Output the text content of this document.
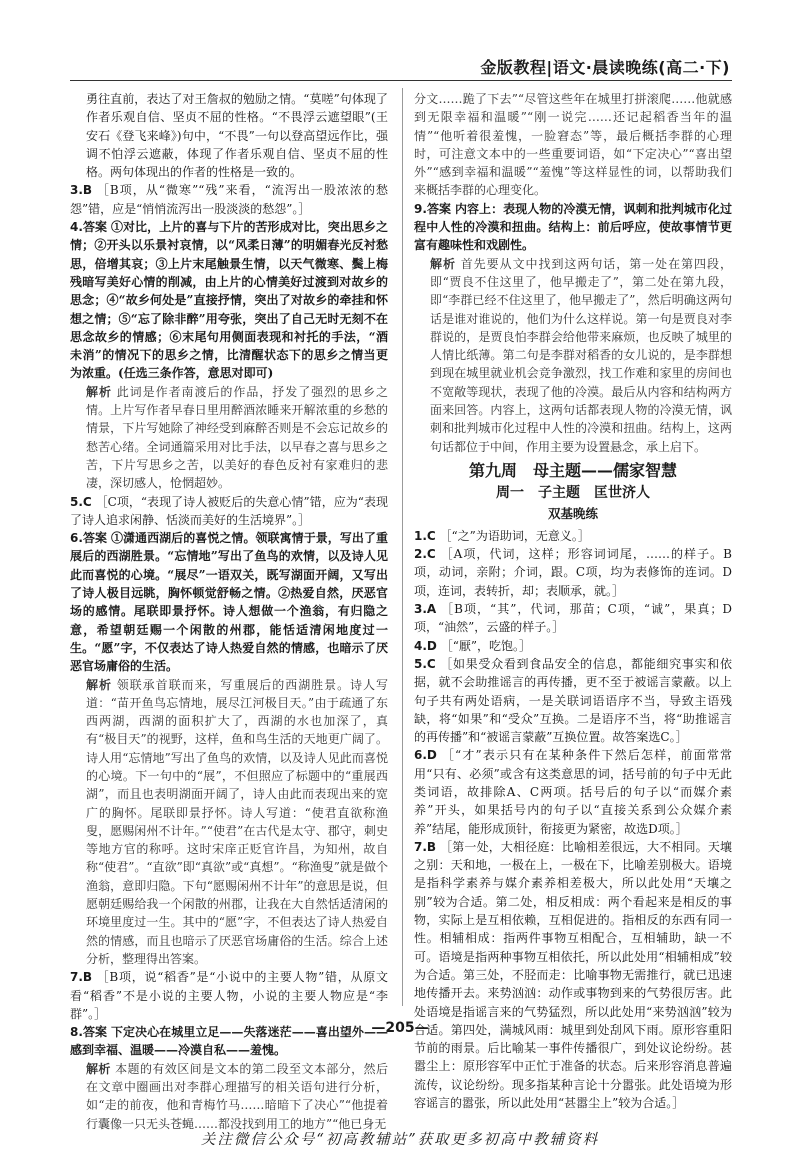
金版教程|语文·晨读晚练(高二·下)

勇往直前，表达了对王詹叔的勉励之情。“莫嗟”句体现了作者乐观自信、坚贞不屈的性格。“不畏浮云遮望眼”(王安石《登飞来峰》)句中，“不畏”一句以登高望远作比，强调不怕浮云遮蔽，体现了作者乐观自信、坚贞不屈的性格。两句体现出的作者的性格是一致的。

3.B ［B项，从“微寒”“残”来看，“流泻出一股浓浓的愁怨”错，应是“悄悄流泻出一股淡淡的愁怨”。］

4.答案 ①对比，上片的喜与下片的苦形成对比，突出思乡之情；②开头以乐景衬哀情，以“风柔日薄”的明媚春光反衬愁思，倍增其哀；③上片末尾触景生情，以天气微寒、鬓上梅残暗写美好心情的削减，由上片的心情美好过渡到对故乡的思念；④“故乡何处是”直接抒情，突出了对故乡的牵挂和怀想之情；⑤“忘了除非醉”用夸张，突出了自己无时无刻不在思念故乡的情感；⑥末尾句用侧面表现和衬托的手法，“酒未消”的情况下的思乡之情，比清醒状态下的思乡之情当更为浓重。(任选三条作答，意思对即可)

解析 此词是作者南渡后的作品，抒发了强烈的思乡之情。上片写作者早春日里用醉酒浓睡来开解浓重的乡愁的情景，下片写她除了神经受到麻醉否则是不会忘记故乡的愁苦心绪。全词通篇采用对比手法，以早春之喜与思乡之苦，下片写思乡之苦，以美好的春色反衬有家难归的悲凄，深切感人，怆惘超妙。

5.C ［C项，“表现了诗人被贬后的失意心情”错，应为“表现了诗人追求闲静、恬淡而美好的生活境界”。］

6.答案 ①潇通西湖后的喜悦之情。领联寓情于景，写出了重展后的西湖胜景。“忘情地”写出了鱼鸟的欢情，以及诗人见此而喜悦的心境。“展尽”一语双关，既写湖面开阔，又写出了诗人极目远眺，胸怀顿觉舒畅之情。②热爱自然，厌恶官场的感情。尾联即景抒怀。诗人想做一个渔翁，有归隐之意，希望朝廷赐一个闲散的州郡，能恬适清闲地度过一生。“愿”字，不仅表达了诗人热爱自然的情感，也暗示了厌恶官场庸俗的生活。

解析 领联承首联而来，写重展后的西湖胜景。诗人写道：“苗开鱼鸟忘情地，展尽江河极目天。”由于疏通了东西两湖，西湖的面积扩大了，西湖的水也加深了，真有“极目天”的视野，这样，鱼和鸟生活的天地更广阔了。诗人用“忘情地”写出了鱼鸟的欢情，以及诗人见此而喜悦的心境。下一句中的“展”，不但照应了标题中的“重展西湖”，而且也表明湖面开阔了，诗人由此而表现出来的宽广的胸怀。尾联即景抒怀。诗人写道：“使君直欲称渔叟，愿赐闲州不计年。”“使君”在古代是太守、郡守，刺史等地方官的称呼。这时宋庠正贬官许昌，为知州，故自称“使君”。“直欲”即“真欲”或“真想”。“称渔叟”就是做个渔翁，意即归隐。下句“愿赐闲州不计年”的意思是说，但愿朝廷赐给我一个闲散的州郡，让我在大自然恬适清闲的环境里度过一生。其中的“愿”字，不但表达了诗人热爱自然的情感，而且也暗示了厌恶官场庸俗的生活。综合上述分析，整理得出答案。

7.B ［B项，说“稻香”是“小说中的主要人物”错，从原文看“稻香”不是小说的主要人物，小说的主要人物应是“李群”。］

8.答案 下定决心在城里立足——失落迷茫——喜出望外——感到幸福、温暖——冷漠自私——羞愧。

解析 本题的有效区间是文本的第二段至文本部分，然后在文章中圈画出对李群心理描写的相关语句进行分析，如“走的前夜，他和青梅竹马……暗暗下了决心”“他提着行囊像一只无头苍蝇……都没找到用工的地方”“他已身无

分文……跪了下去”“尽管这些年在城里打拼滚爬……他就感到无限幸福和温暖”“刚一说完……还记起稻香当年的温情”“他听着很羞愧，一脸窘态”等，最后概括李群的心理时，可注意文本中的一些重要词语，如“下定决心”“喜出望外”“感到幸福和温暖”“羞愧”等这样显性的词，以帮助我们来概括李群的心理变化。

9.答案 内容上：表现人物的冷漠无情，讽刺和批判城市化过程中人性的冷漠和扭曲。结构上：前后呼应，使故事情节更富有趣味性和戏剧性。

解析 首先要从文中找到这两句话，第一处在第四段，即“贾良不住这里了，他早搬走了”，第二处在第九段，即“李群已经不住这里了，他早搬走了”，然后明确这两句话是谁对谁说的，他们为什么这样说。第一句是贾良对李群说的，是贾良怕李群会给他带来麻烦，也反映了城里的人情比纸薄。第二句是李群对稻香的女儿说的，是李群想到现在城里就业机会竞争激烈，找工作难和家里的房间也不宽敞等现状，表现了他的冷漠。最后从内容和结构两方面来回答。内容上，这两句话都表现人物的冷漠无情，讽刺和批判城市化过程中人性的冷漠和扭曲。结构上，这两句话都位于中间，作用主要为设置悬念，承上启下。

第九周　母主题——儒家智慧
周一　子主题　匡世济人
双基晚练

1.C ［“之”为语助词，无意义。］

2.C ［A项，代词，这样；形容词词尾，……的样子。B项，动词，亲附；介词，跟。C项，均为表修饰的连词。D项，连词，表转折，却；表顺承，就。］

3.A ［B项，“其”，代词，那苗；C项，“诚”，果真；D项，“油然”，云盛的样子。］

4.D ［“厭”，吃饱。］

5.C ［如果受众看到食品安全的信息，都能细究事实和依据，就不会助推谣言的再传播，更不至于被谣言蒙蔽。以上句子共有两处语病，一是关联词语语序不当，导致主语残缺，将“如果”和“受众”互换。二是语序不当，将“助推谣言的再传播”和“被谣言蒙蔽”互换位置。故答案选C。］

6.D ［“才”表示只有在某种条件下然后怎样，前面常常用“只有、必须”或含有这类意思的词，括号前的句子中无此类词语，故排除A、C两项。括号后的句子以“而媒介素养”开头，如果括号内的句子以“直接关系到公众媒介素养”结尾，能形成顶针，衔接更为紧密，故选D项。］

7.B ［第一处，大相径庭：比喻相差很远，大不相同。天壤之别：天和地，一极在上，一极在下，比喻差别极大。语境是指科学素养与媒介素养相差极大，所以此处用“天壤之别”较为合适。第二处，相反相成：两个看起来是相反的事物，实际上是互相依赖，互相促进的。指相反的东西有同一性。相辅相成：指两件事物互相配合，互相辅助，缺一不可。语境是指两种事物互相依托，所以此处用“相辅相成”较为合适。第三处，不胫而走：比喻事物无需推行，就已迅速地传播开去。来势汹汹：动作或事物到来的气势很厉害。此处语境是指谣言来的气势猛烈，所以此处用“来势汹汹”较为合适。第四处，满城风雨：城里到处刮风下雨。原形容重阳节前的雨景。后比喻某一事件传播很广，到处议论纷纷。甚嚣尘上：原形容军中正忙于准备的状态。后来形容消息普遍流传，议论纷纷。现多指某种言论十分嚣张。此处语境为形容谣言的嚣张，所以此处用“甚嚣尘上”较为合适。］

—205—
关注微信公众号“初高教辅站”获取更多初高中教辅资料
